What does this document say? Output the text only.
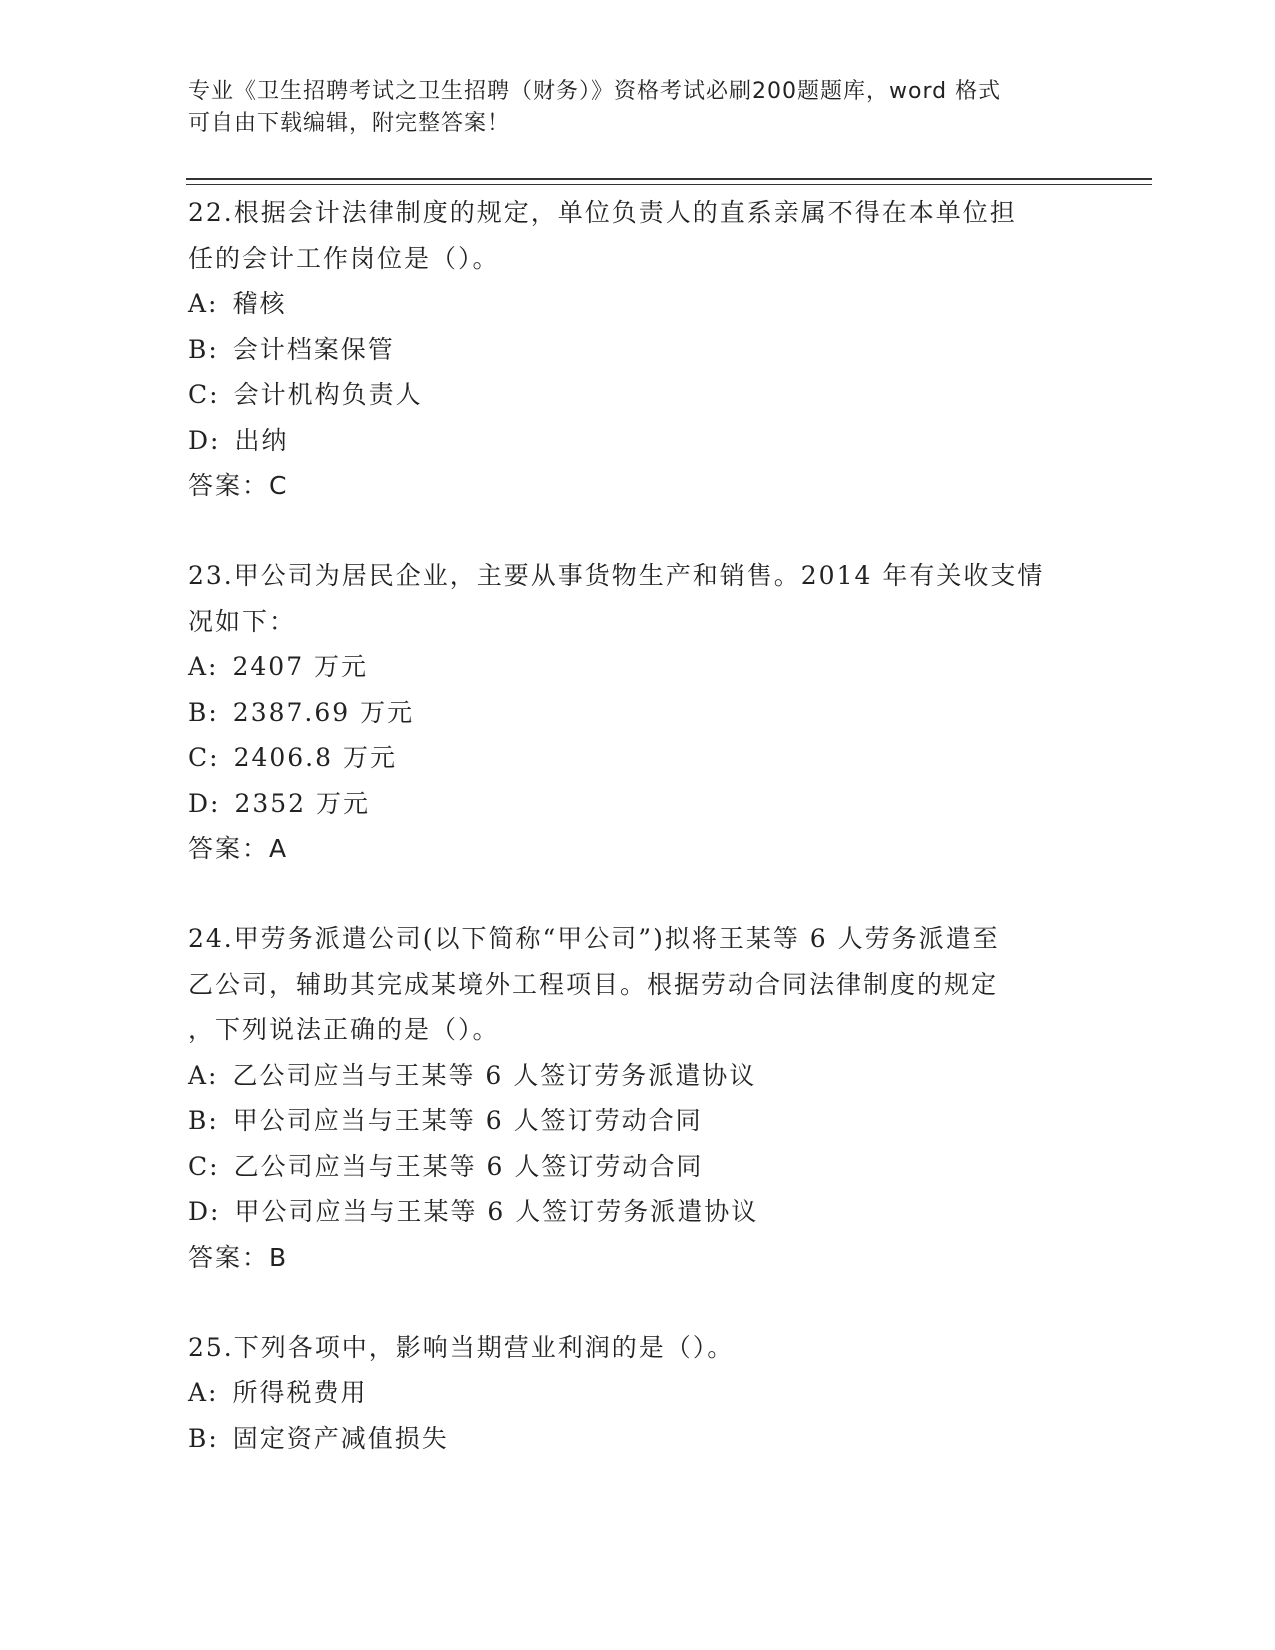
专业《卫生招聘考试之卫生招聘（财务）》资格考试必刷200题题库，word 格式
可自由下载编辑，附完整答案！
22.根据会计法律制度的规定，单位负责人的直系亲属不得在本单位担
任的会计工作岗位是（）。
A: 稽核
B: 会计档案保管
C: 会计机构负责人
D: 出纳
答案：C
23.甲公司为居民企业，主要从事货物生产和销售。2014 年有关收支情
况如下：
A: 2407 万元
B: 2387.69 万元
C: 2406.8 万元
D: 2352 万元
答案：A
24.甲劳务派遣公司(以下简称“甲公司”)拟将王某等 6 人劳务派遣至
乙公司，辅助其完成某境外工程项目。根据劳动合同法律制度的规定
，下列说法正确的是（）。
A: 乙公司应当与王某等 6 人签订劳务派遣协议
B: 甲公司应当与王某等 6 人签订劳动合同
C: 乙公司应当与王某等 6 人签订劳动合同
D: 甲公司应当与王某等 6 人签订劳务派遣协议
答案：B
25.下列各项中，影响当期营业利润的是（）。
A: 所得税费用
B: 固定资产减值损失
